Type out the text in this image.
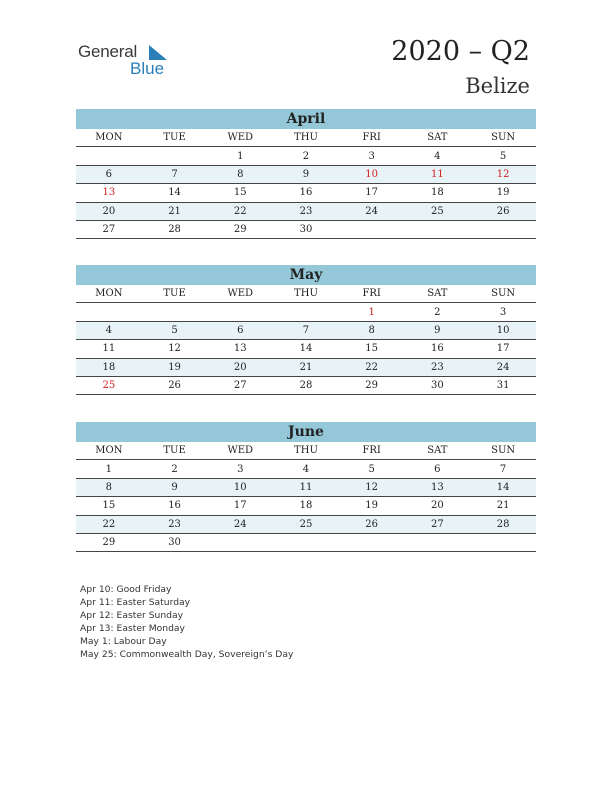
General
Blue
2020 – Q2
Belize
April
MON	TUE	WED	THU	FRI	SAT	SUN
		1	2	3	4	5
6	7	8	9	10	11	12
13	14	15	16	17	18	19
20	21	22	23	24	25	26
27	28	29	30			
May
MON	TUE	WED	THU	FRI	SAT	SUN
				1	2	3
4	5	6	7	8	9	10
11	12	13	14	15	16	17
18	19	20	21	22	23	24
25	26	27	28	29	30	31
June
MON	TUE	WED	THU	FRI	SAT	SUN
1	2	3	4	5	6	7
8	9	10	11	12	13	14
15	16	17	18	19	20	21
22	23	24	25	26	27	28
29	30					
Apr 10: Good Friday
Apr 11: Easter Saturday
Apr 12: Easter Sunday
Apr 13: Easter Monday
May 1: Labour Day
May 25: Commonwealth Day, Sovereign’s Day
